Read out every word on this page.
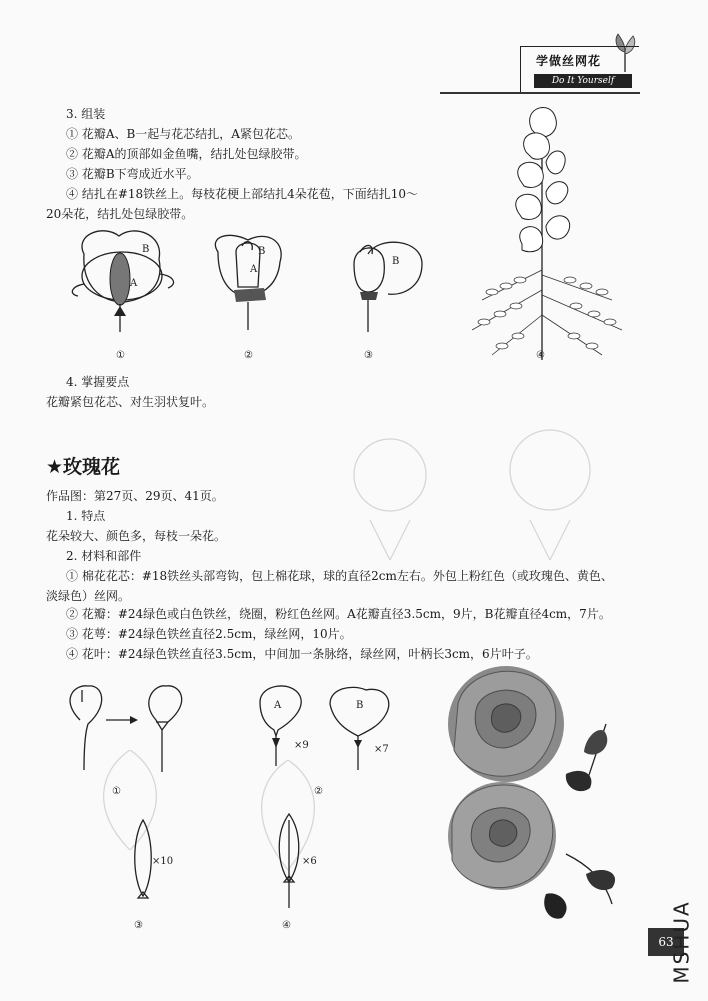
学做丝网花
Do It Yourself
3. 组装
① 花瓣A、B一起与花芯结扎，A紧包花芯。
② 花瓣A的顶部如金鱼嘴，结扎处包绿胶带。
③ 花瓣B下弯成近水平。
④ 结扎在#18铁丝上。每枝花梗上部结扎4朵花苞，下面结扎10～
20朵花，结扎处包绿胶带。
B
A
B
A
B
①	②	③	④
4. 掌握要点
花瓣紧包花芯、对生羽状复叶。
★玫瑰花
作品图：第27页、29页、41页。
1. 特点
花朵较大、颜色多，每枝一朵花。
2. 材料和部件
① 棉花花芯：#18铁丝头部弯钩，包上棉花球，球的直径2cm左右。外包上粉红色（或玫瑰色、黄色、
淡绿色）丝网。
② 花瓣：#24绿色或白色铁丝，绕圈，粉红色丝网。A花瓣直径3.5cm，9片，B花瓣直径4cm，7片。
③ 花萼：#24绿色铁丝直径2.5cm，绿丝网，10片。
④ 花叶：#24绿色铁丝直径3.5cm，中间加一条脉络，绿丝网，叶柄长3cm，6片叶子。
①
A	B
×9	×7
②
×10
③
×6
④
63
MSHUA
